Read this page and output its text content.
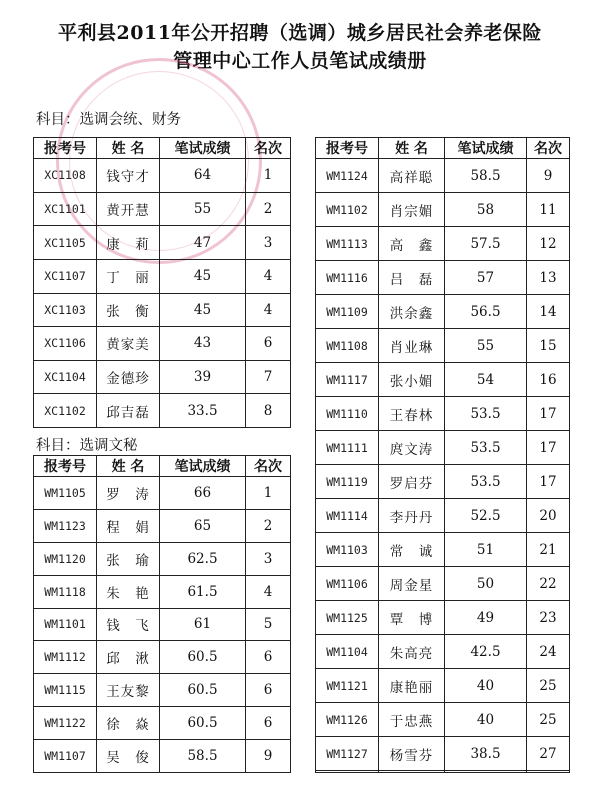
平利县2011年公开招聘（选调）城乡居民社会养老保险
管理中心工作人员笔试成绩册
科目：选调会统、财务
报考号	姓 名	笔试成绩	名次
XC1108	钱守才	64	1
XC1101	黄开慧	55	2
XC1105	康　莉	47	3
XC1107	丁　丽	45	4
XC1103	张　衡	45	4
XC1106	黄家美	43	6
XC1104	金德珍	39	7
XC1102	邱吉磊	33.5	8
科目：选调文秘
报考号	姓 名	笔试成绩	名次
WM1105	罗　涛	66	1
WM1123	程　娟	65	2
WM1120	张　瑜	62.5	3
WM1118	朱　艳	61.5	4
WM1101	钱　飞	61	5
WM1112	邱　湫	60.5	6
WM1115	王友黎	60.5	6
WM1122	徐　焱	60.5	6
WM1107	吴　俊	58.5	9
报考号	姓 名	笔试成绩	名次
WM1124	高祥聪	58.5	9
WM1102	肖宗媚	58	11
WM1113	高　鑫	57.5	12
WM1116	吕　磊	57	13
WM1109	洪余鑫	56.5	14
WM1108	肖业琳	55	15
WM1117	张小媚	54	16
WM1110	王春林	53.5	17
WM1111	庹文涛	53.5	17
WM1119	罗启芬	53.5	17
WM1114	李丹丹	52.5	20
WM1103	常　诚	51	21
WM1106	周金星	50	22
WM1125	覃　博	49	23
WM1104	朱高亮	42.5	24
WM1121	康艳丽	40	25
WM1126	于忠燕	40	25
WM1127	杨雪芬	38.5	27
